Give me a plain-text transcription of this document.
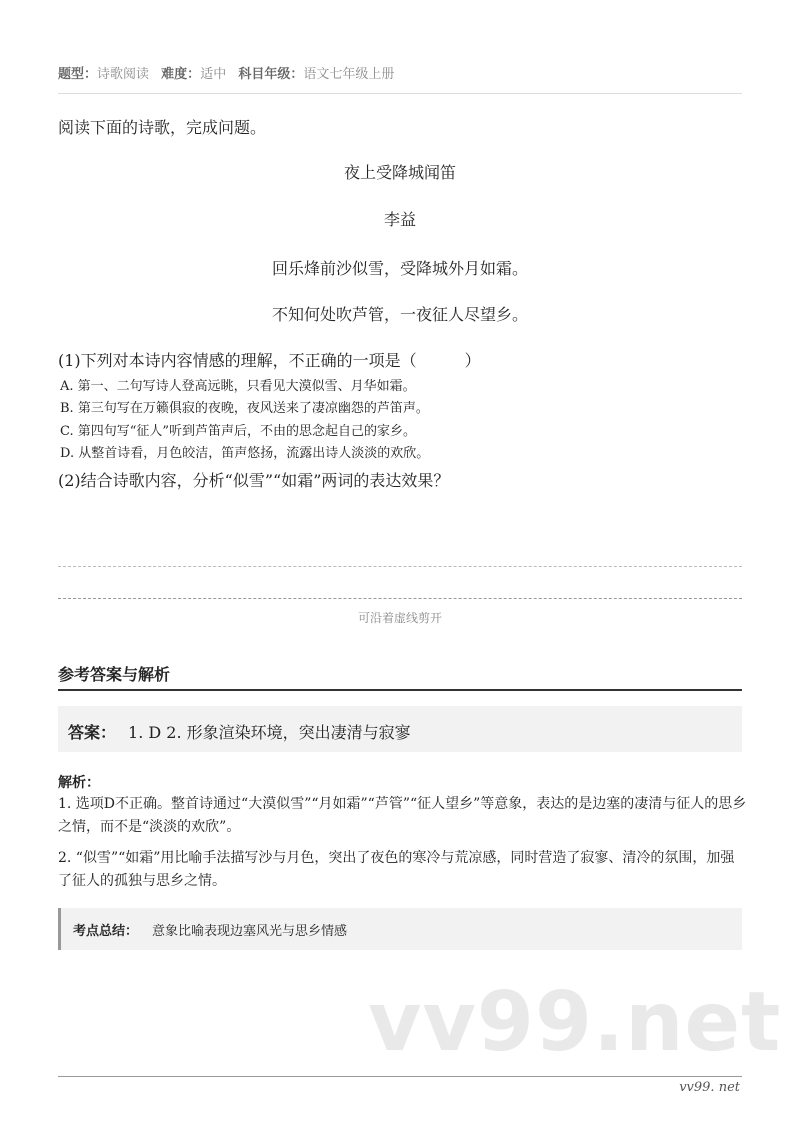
题型：诗歌阅读 难度：适中 科目年级：语文七年级上册
阅读下面的诗歌，完成问题。
夜上受降城闻笛
李益
回乐烽前沙似雪，受降城外月如霜。
不知何处吹芦管，一夜征人尽望乡。
(1)下列对本诗内容情感的理解，不正确的一项是（　　　）
A. 第一、二句写诗人登高远眺，只看见大漠似雪、月华如霜。
B. 第三句写在万籁俱寂的夜晚，夜风送来了凄凉幽怨的芦笛声。
C. 第四句写“征人”听到芦笛声后，不由的思念起自己的家乡。
D. 从整首诗看，月色皎洁，笛声悠扬，流露出诗人淡淡的欢欣。
(2)结合诗歌内容，分析“似雪”“如霜”两词的表达效果？
可沿着虚线剪开
参考答案与解析
答案： 1. D 2. 形象渲染环境，突出凄清与寂寥
解析：
1. 选项D不正确。整首诗通过“大漠似雪”“月如霜”“芦管”“征人望乡”等意象，表达的是边塞的凄清与征人的思乡之情，而不是“淡淡的欢欣”。
2. “似雪”“如霜”用比喻手法描写沙与月色，突出了夜色的寒冷与荒凉感，同时营造了寂寥、清冷的氛围，加强了征人的孤独与思乡之情。
考点总结： 意象比喻表现边塞风光与思乡情感
vv99.net
vv99. net
